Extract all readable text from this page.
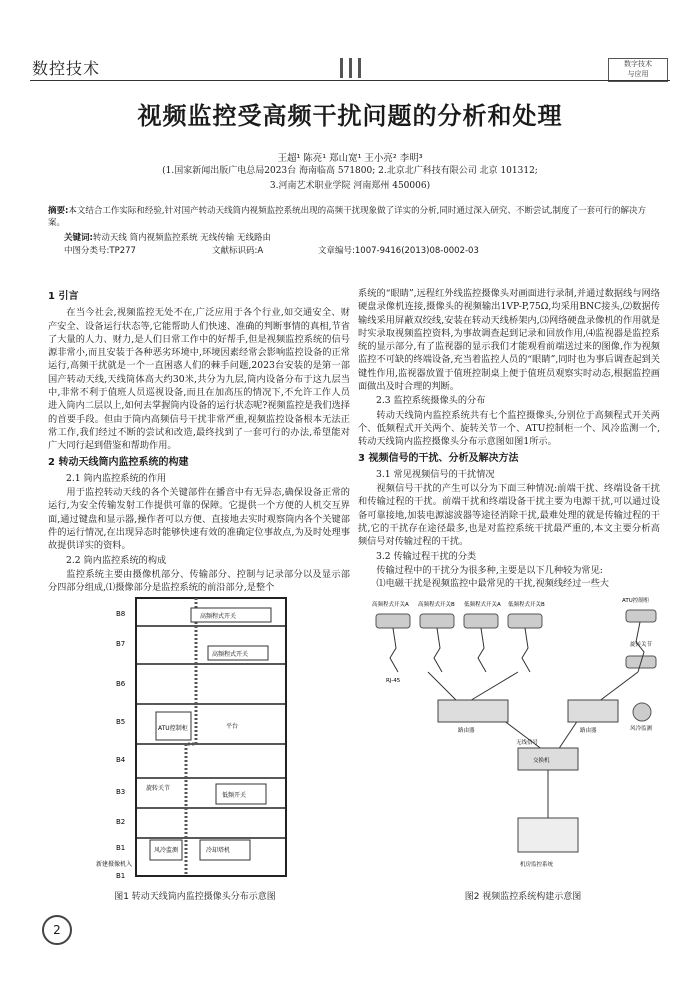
数控技术	数字技术
与应用
视频监控受高频干扰问题的分析和处理
王超¹ 陈亮¹ 郑山宽¹ 王小亮² 李明³
(1.国家新闻出版广电总局2023台 海南临高 571800; 2.北京北广科技有限公司 北京 101312;
3.河南艺术职业学院 河南郑州 450006)
摘要:本文结合工作实际和经验,针对国产转动天线筒内视频监控系统出现的高频干扰现象做了详实的分析,同时通过深入研究、不断尝试,制度了一套可行的解决方案。
关键词:转动天线 筒内视频监控系统 无线传输 无线路由
中图分类号:TP277	文献标识码:A	文章编号:1007-9416(2013)08-0002-03
1 引言

在当今社会,视频监控无处不在,广泛应用于各个行业,如交通安全、财产安全、设备运行状态等,它能帮助人们快速、准确的判断事情的真相,节省了大量的人力、财力,是人们日常工作中的好帮手,但是视频监控系统的信号源非常小,而且安装于各种恶劣环境中,环境因素经常会影响监控设备的正常运行,高频干扰就是一个一直困惑人们的棘手问题,2023台安装的是第一部国产转动天线,天线筒体高大约30米,共分为九层,筒内设备分布于这九层当中,非常不利于值班人员巡视设备,而且在加高压的情况下,不允许工作人员进入筒内二层以上,如何去掌握筒内设备的运行状态呢?视频监控是我们选择的首要手段。但由于筒内高频信号干扰非常严重,视频监控设备根本无法正常工作,我们经过不断的尝试和改造,最终找到了一套可行的办法,希望能对广大同行起到借鉴和帮助作用。

2 转动天线筒内监控系统的构建
2.1 筒内监控系统的作用

用于监控转动天线的各个关键部件在播音中有无异态,确保设备正常的运行,为安全传输发射工作提供可靠的保障。它提供一个方便的人机交互界面,通过键盘和显示器,操作者可以方便、直接地去实时观察筒内各个关键部件的运行情况,在出现异态时能够快速有效的准确定位事故点,为及时处理事故提供详实的资料。

2.2 筒内监控系统的构成

监控系统主要由摄像机部分、传输部分、控制与记录部分以及显示部分四部分组成,⑴摄像部分是监控系统的前沿部分,是整个

系统的“眼睛”,远程红外线监控摄像头对画面进行录制,并通过数据线与网络硬盘录像机连接,摄像头的视频输出1VP-P,75Ω,均采用BNC接头,⑵数据传输线采用屏蔽双绞线,安装在转动天线桥架内,⑶网络硬盘录像机的作用就是时实录取视频监控资料,为事故调查起到记录和回放作用,⑷监视器是监控系统的显示部分,有了监视器的显示我们才能观看前端送过来的图像,作为视频监控不可缺的终端设备,充当着监控人员的“眼睛”,同时也为事后调查起到关键性作用,监视器放置于值班控制桌上便于值班员观察实时动态,根据监控画面做出及时合理的判断。

2.3 监控系统摄像头的分布

转动天线筒内监控系统共有七个监控摄像头,分别位于高频程式开关两个、低频程式开关两个、旋转关节一个、ATU控制柜一个、风冷监测一个,转动天线筒内监控摄像头分布示意图如图1所示。

3 视频信号的干扰、分析及解决方法
3.1 常见视频信号的干扰情况

视频信号干扰的产生可以分为下面三种情况:前端干扰、终端设备干扰和传输过程的干扰。前端干扰和终端设备干扰主要为电源干扰,可以通过设备可靠接地,加装电源滤波器等途径消除干扰,最难处理的就是传输过程的干扰,它的干扰存在途径最多,也是对监控系统干扰最严重的,本文主要分析高频信号对传输过程的干扰。

3.2 传输过程干扰的分类

传输过程中的干扰分为很多种,主要是以下几种较为常见:

⑴电磁干扰是视频监控中最常见的干扰,视频线经过一些大

B8
B7
B6
B5
B4
B3
B2
B1
高频程式开关
高频程式开关
ATU控制柜	平台
旋转关节
低频开关
风冷监测	冷却塔机
新建摄像机入
B1
图1 转动天线筒内监控摄像头分布示意图
高频程式开关A 高频程式开关B 低频程式开关A 低频程式开关B
ATU控制柜
旋转关节
风冷监测
RJ-45
路由器	路由器
交换机
无线信号
机房监控系统
图2 视频监控系统构建示意图
2
